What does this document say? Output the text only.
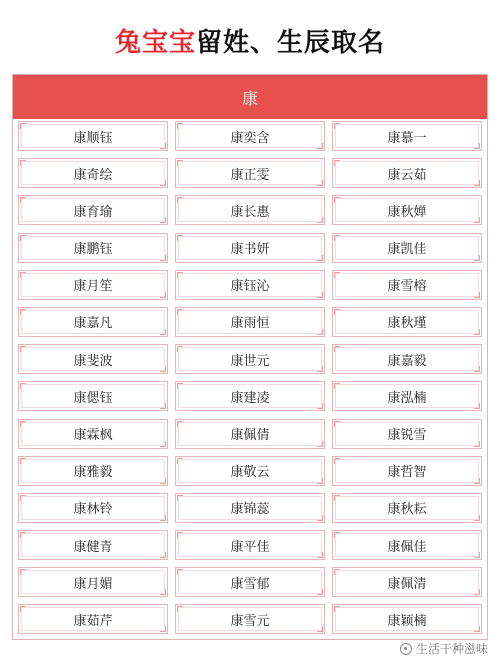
兔宝宝留姓、生辰取名
康
康顺钰	康奕含	康慕一
康奇绘	康正雯	康云茹
康育瑜	康长惠	康秋婵
康鹏钰	康书妍	康凯佳
康月笙	康钰沁	康雪榕
康嘉凡	康雨恒	康秋瑾
康斐波	康世元	康嘉毅
康偲钰	康建凌	康泓楠
康霖枫	康佩倩	康锐雪
康雅毅	康敬云	康哲智
康林铃	康锦蕊	康秋耘
康健青	康平佳	康佩佳
康月媚	康雪郁	康佩清
康茹芹	康雪元	康颖楠
生活干种滋味
